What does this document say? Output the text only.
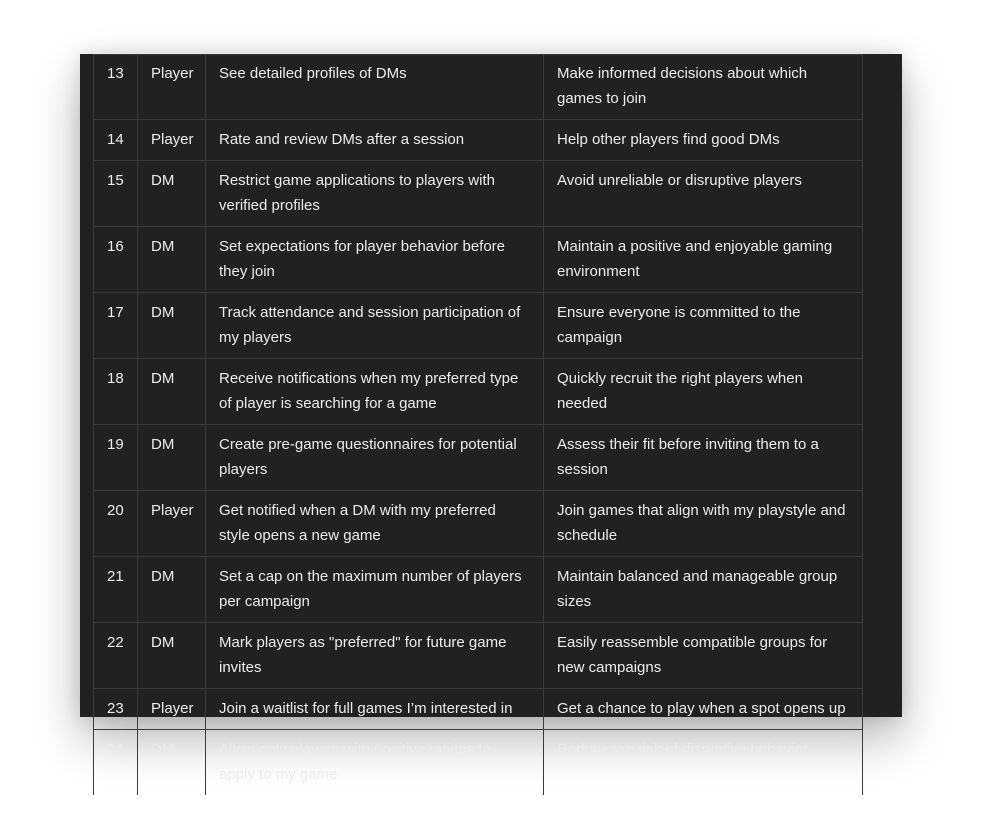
13	Player	See detailed profiles of DMs	Make informed decisions about which games to join
14	Player	Rate and review DMs after a session	Help other players find good DMs
15	DM	Restrict game applications to players with verified profiles	Avoid unreliable or disruptive players
16	DM	Set expectations for player behavior before they join	Maintain a positive and enjoyable gaming environment
17	DM	Track attendance and session participation of my players	Ensure everyone is committed to the campaign
18	DM	Receive notifications when my preferred type of player is searching for a game	Quickly recruit the right players when needed
19	DM	Create pre-game questionnaires for potential players	Assess their fit before inviting them to a session
20	Player	Get notified when a DM with my preferred style opens a new game	Join games that align with my playstyle and schedule
21	DM	Set a cap on the maximum number of players per campaign	Maintain balanced and manageable group sizes
22	DM	Mark players as "preferred" for future game invites	Easily reassemble compatible groups for new campaigns
23	Player	Join a waitlist for full games I’m interested in	Get a chance to play when a spot opens up
24	DM	Allow only players with positive ratings to apply to my game	Reduce the risk of disruptive behavior
